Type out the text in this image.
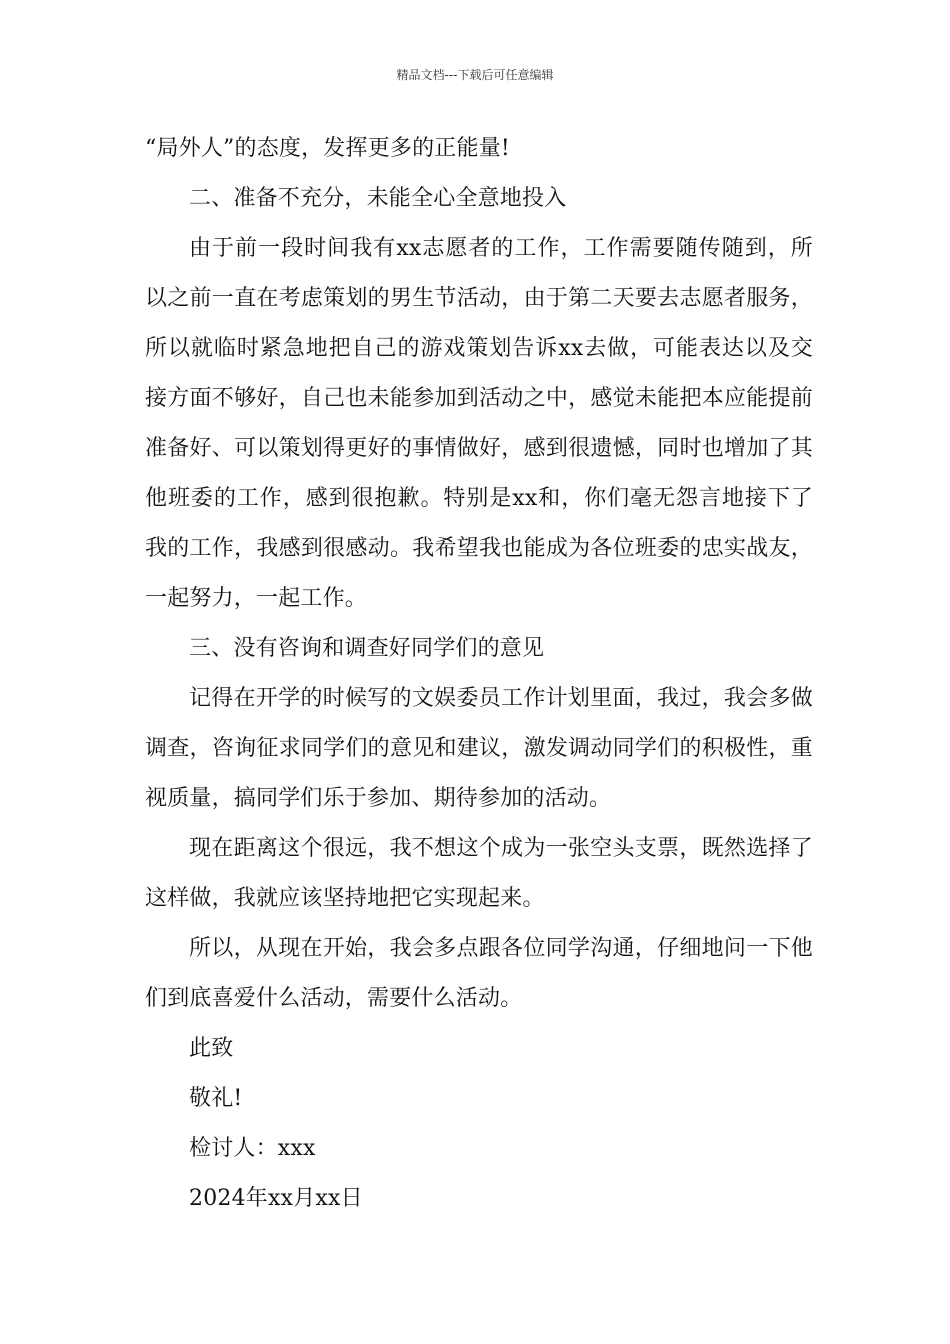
精品文档---下载后可任意编辑

“局外人”的态度，发挥更多的正能量!

二、准备不充分，未能全心全意地投入

由于前一段时间我有xx志愿者的工作，工作需要随传随到，所以之前一直在考虑策划的男生节活动，由于第二天要去志愿者服务，所以就临时紧急地把自己的游戏策划告诉xx去做，可能表达以及交接方面不够好，自己也未能参加到活动之中，感觉未能把本应能提前准备好、可以策划得更好的事情做好，感到很遗憾，同时也增加了其他班委的工作，感到很抱歉。特别是xx和，你们毫无怨言地接下了我的工作，我感到很感动。我希望我也能成为各位班委的忠实战友，一起努力，一起工作。

三、没有咨询和调查好同学们的意见

记得在开学的时候写的文娱委员工作计划里面，我过，我会多做调查，咨询征求同学们的意见和建议，激发调动同学们的积极性，重视质量，搞同学们乐于参加、期待参加的活动。

现在距离这个很远，我不想这个成为一张空头支票，既然选择了这样做，我就应该坚持地把它实现起来。

所以，从现在开始，我会多点跟各位同学沟通，仔细地问一下他们到底喜爱什么活动，需要什么活动。

此致

敬礼!

检讨人：xxx

2024年xx月xx日
